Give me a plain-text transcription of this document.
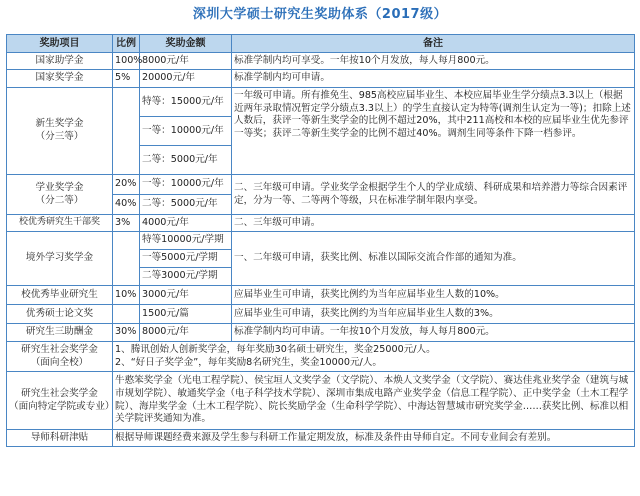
深圳大学硕士研究生奖助体系（2017级）
奖助项目	比例	奖助金额	备注
国家助学金	100%	8000元/年	标准学制内均可享受。一年按10个月发放，每人每月800元。
国家奖学金	5%	20000元/年	标准学制内均可申请。
新生奖学金
（分三等）		特等：15000元/年	一年级可申请。所有推免生、985高校应届毕业生、本校应届毕业生学分绩点3.3以上（根据近两年录取情况暂定学分绩点3.3以上）的学生直接认定为特等(调剂生认定为一等)；扣除上述人数后，获评一等新生奖学金的比例不超过20%，其中211高校和本校的应届毕业生优先参评一等奖；获评二等新生奖学金的比例不超过40%。调剂生同等条件下降一档参评。
		一等：10000元/年	
		二等：5000元/年	
学业奖学金
（分二等）	20%	一等：10000元/年	二、三年级可申请。学业奖学金根据学生个人的学业成绩、科研成果和培养潜力等综合因素评定，分为一等、二等两个等级，只在标准学制年限内享受。
	40%	二等：5000元/年	
校优秀研究生干部奖	3%	4000元/年	二、三年级可申请。
境外学习奖学金		特等10000元/学期	一、二年级可申请，获奖比例、标准以国际交流合作部的通知为准。
		一等5000元/学期	
		二等3000元/学期	
校优秀毕业研究生	10%	3000元/年	应届毕业生可申请，获奖比例约为当年应届毕业生人数的10%。
优秀硕士论文奖		1500元/篇	应届毕业生可申请，获奖比例约为当年应届毕业生人数的3%。
研究生三助酬金	30%	8000元/年	标准学制内均可申请。一年按10个月发放，每人每月800元。
研究生社会奖学金
（面向全校）	1、腾讯创始人创新奖学金，每年奖励30名硕士研究生，奖金25000元/人。
2、“好日子奖学金”，每年奖励8名研究生，奖金10000元/人。		
研究生社会奖学金
（面向特定学院或专业）	牛憨笨奖学金（光电工程学院）、侯宝垣人文奖学金（文学院）、本焕人文奖学金（文学院）、赛达佳兆业奖学金（建筑与城市规划学院）、敏通奖学金（电子科学技术学院）、深圳市集成电路产业奖学金（信息工程学院）、正中奖学金（土木工程学院）、海岸奖学金（土木工程学院）、院长奖励学金（生命科学学院）、中海达智慧城市研究奖学金……获奖比例、标准以相关学院评奖通知为准。		
导师科研津贴	根据导师课题经费来源及学生参与科研工作量定期发放，标准及条件由导师自定。不同专业间会有差别。		
